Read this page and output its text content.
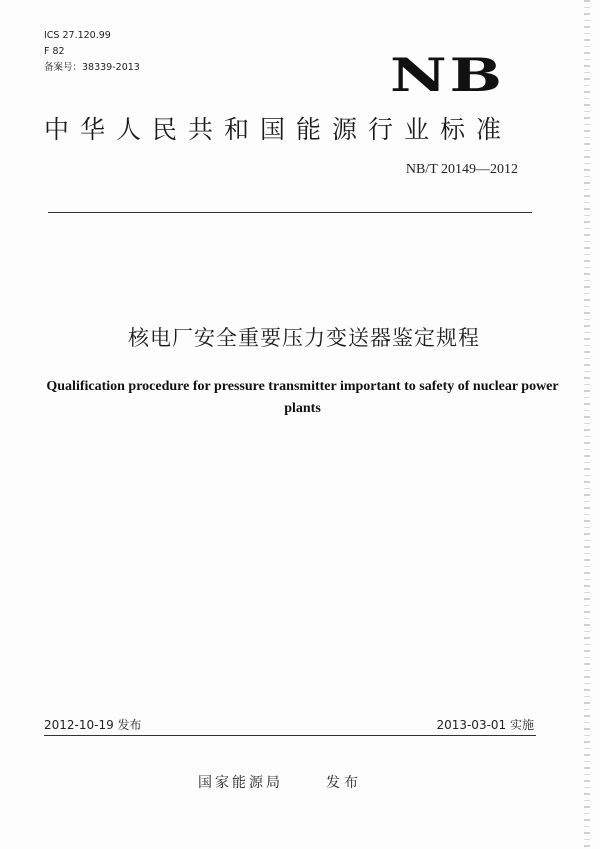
ICS 27.120.99
F 82
备案号：38339-2013	NB
中华人民共和国能源行业标准
NB/T 20149—2012
核电厂安全重要压力变送器鉴定规程
Qualification procedure for pressure transmitter important to safety of nuclear power plants
2012-10-19 发布	2013-03-01 实施
国家能源局	发布
